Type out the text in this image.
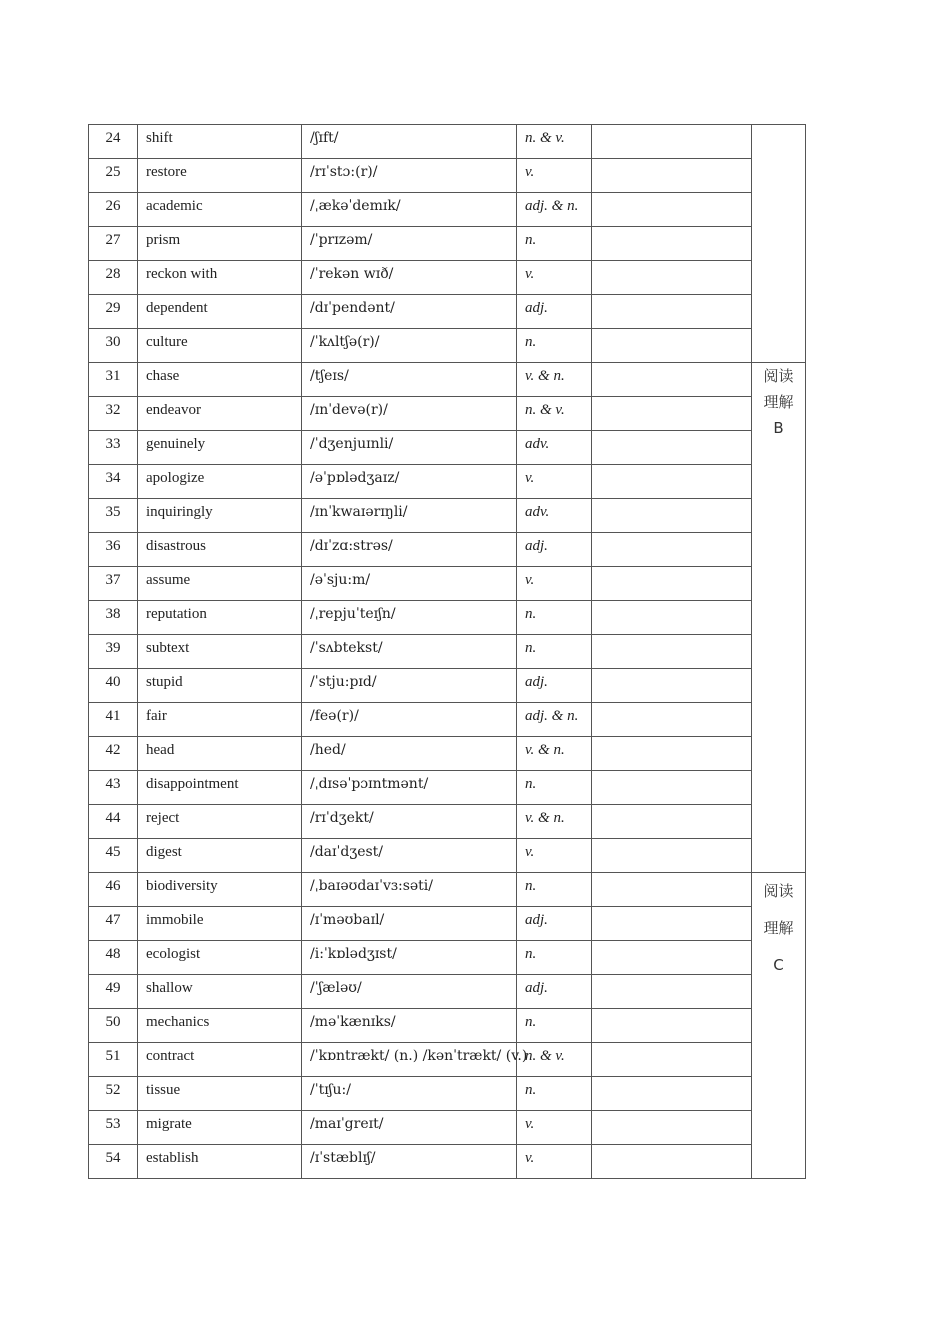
24	shift	/ʃɪft/	n. & v.		
25	restore	/rɪˈstɔ:(r)/	v.		
26	academic	/ˌækəˈdemɪk/	adj. & n.		
27	prism	/ˈprɪzəm/	n.		
28	reckon with	/ˈrekən wɪð/	v.		
29	dependent	/dɪˈpendənt/	adj.		
30	culture	/ˈkʌltʃə(r)/	n.		
31	chase	/tʃeɪs/	v. & n.		阅读
理解
B

32	endeavor	/ɪnˈdevə(r)/	n. & v.		
33	genuinely	/ˈdʒenjuɪnli/	adv.		
34	apologize	/əˈpɒlədʒaɪz/	v.		
35	inquiringly	/ɪnˈkwaɪərɪŋli/	adv.		
36	disastrous	/dɪˈzɑ:strəs/	adj.		
37	assume	/əˈsju:m/	v.		
38	reputation	/ˌrepjuˈteɪʃn/	n.		
39	subtext	/ˈsʌbtekst/	n.		
40	stupid	/ˈstju:pɪd/	adj.		
41	fair	/feə(r)/	adj. & n.		
42	head	/hed/	v. & n.		
43	disappointment	/ˌdɪsəˈpɔɪntmənt/	n.		
44	reject	/rɪˈdʒekt/	v. & n.		
45	digest	/daɪˈdʒest/	v.		
46	biodiversity	/ˌbaɪəʊdaɪˈvɜ:səti/	n.		阅读
理解
C

47	immobile	/ɪˈməʊbaɪl/	adj.		
48	ecologist	/i:ˈkɒlədʒɪst/	n.		
49	shallow	/ˈʃæləʊ/	adj.		
50	mechanics	/məˈkænɪks/	n.		
51	contract	/ˈkɒntrækt/ (n.) /kənˈtrækt/ (v.)	n. & v.		
52	tissue	/ˈtɪʃu:/	n.		
53	migrate	/maɪˈgreɪt/	v.		
54	establish	/ɪˈstæblɪʃ/	v.		
